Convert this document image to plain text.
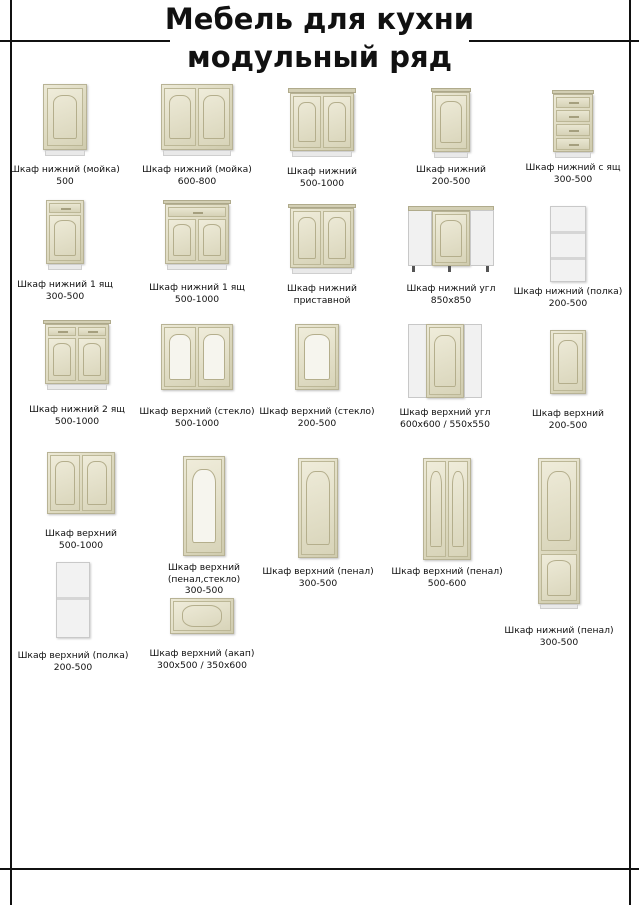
Мебель для кухни
модульный ряд
Шкаф нижний (мойка)
500
Шкаф нижний (мойка)
600-800
Шкаф нижний
500-1000
Шкаф нижний
200-500
Шкаф нижний с ящ
300-500
Шкаф нижний 1 ящ
300-500
Шкаф нижний 1 ящ
500-1000
Шкаф нижний
приставной
Шкаф нижний угл
850х850
Шкаф нижний (полка)
200-500
Шкаф нижний 2 ящ
500-1000
Шкаф верхний (стекло)
500-1000
Шкаф верхний (стекло)
200-500
Шкаф верхний угл
600х600 / 550х550
Шкаф верхний
200-500
Шкаф верхний
500-1000
Шкаф верхний
(пенал,стекло)
300-500
Шкаф верхний (пенал)
300-500
Шкаф верхний (пенал)
500-600
Шкаф нижний (пенал)
300-500
Шкаф верхний (полка)
200-500
Шкаф верхний (акап)
300х500 / 350х600
